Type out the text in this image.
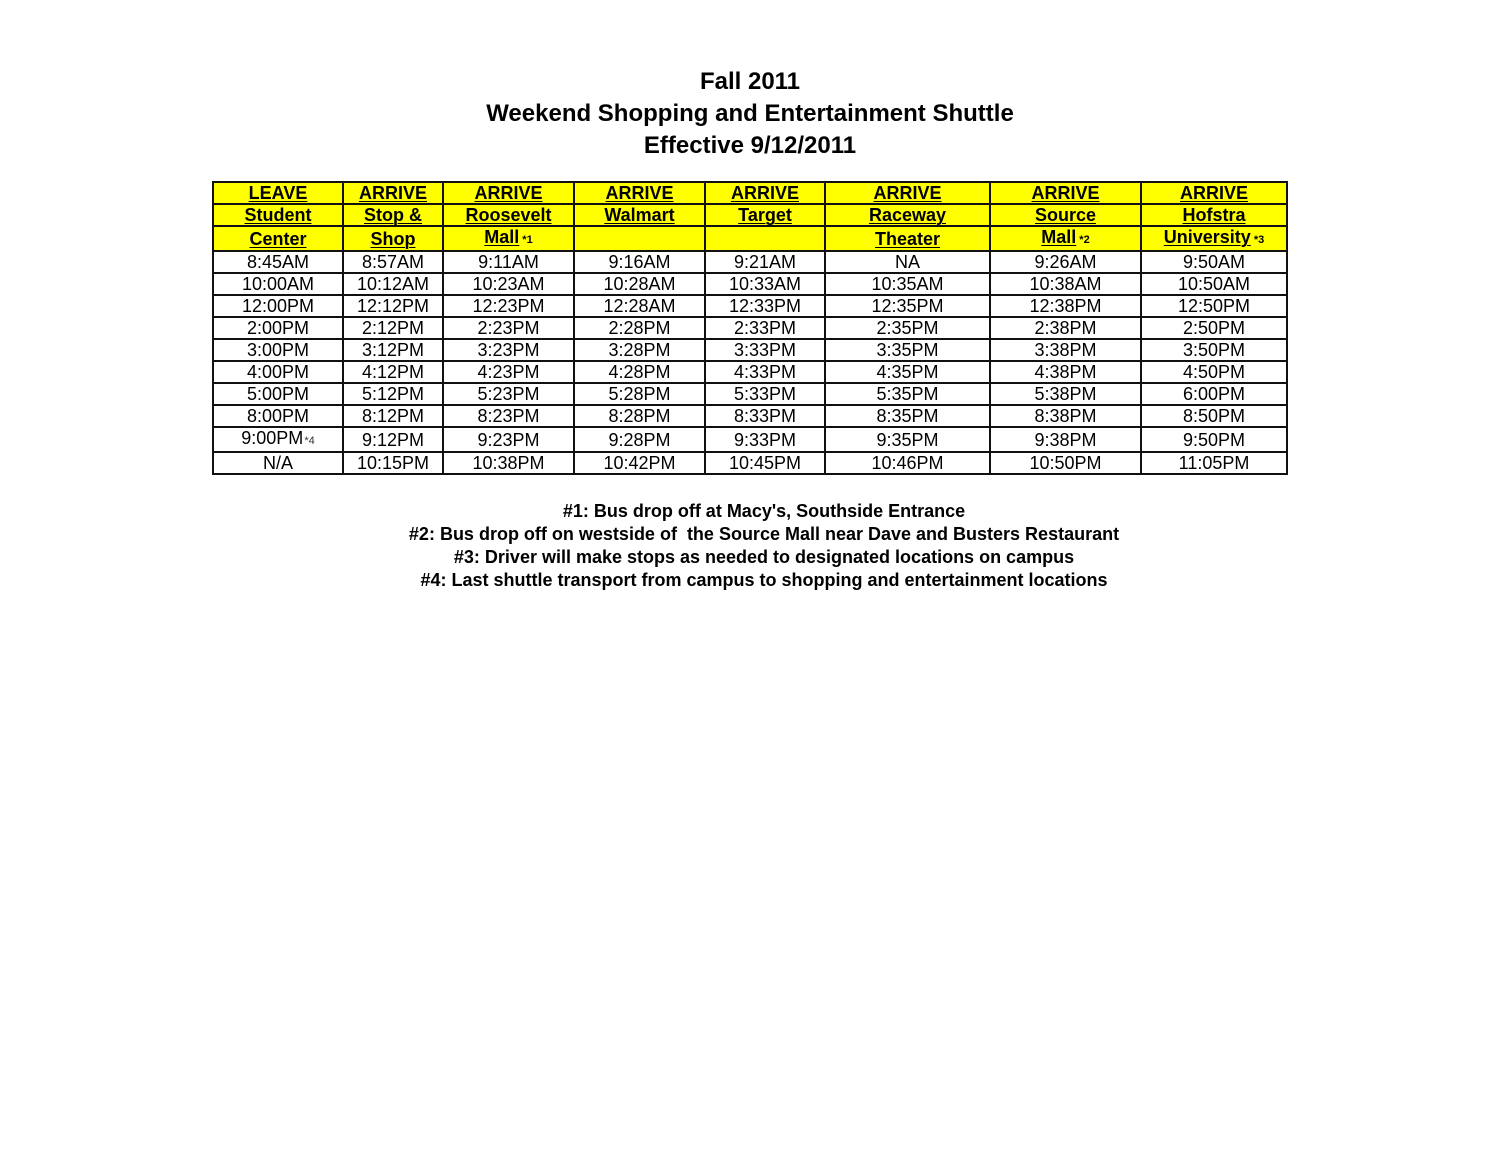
Fall 2011
Weekend Shopping and Entertainment Shuttle
Effective 9/12/2011
LEAVE	ARRIVE	ARRIVE	ARRIVE	ARRIVE	ARRIVE	ARRIVE	ARRIVE
Student	Stop &	Roosevelt	Walmart	Target	Raceway	Source	Hofstra
Center	Shop	Mall *1			Theater	Mall *2	University *3
8:45AM	8:57AM	9:11AM	9:16AM	9:21AM	NA	9:26AM	9:50AM
10:00AM	10:12AM	10:23AM	10:28AM	10:33AM	10:35AM	10:38AM	10:50AM
12:00PM	12:12PM	12:23PM	12:28AM	12:33PM	12:35PM	12:38PM	12:50PM
2:00PM	2:12PM	2:23PM	2:28PM	2:33PM	2:35PM	2:38PM	2:50PM
3:00PM	3:12PM	3:23PM	3:28PM	3:33PM	3:35PM	3:38PM	3:50PM
4:00PM	4:12PM	4:23PM	4:28PM	4:33PM	4:35PM	4:38PM	4:50PM
5:00PM	5:12PM	5:23PM	5:28PM	5:33PM	5:35PM	5:38PM	6:00PM
8:00PM	8:12PM	8:23PM	8:28PM	8:33PM	8:35PM	8:38PM	8:50PM
9:00PM*4	9:12PM	9:23PM	9:28PM	9:33PM	9:35PM	9:38PM	9:50PM
N/A	10:15PM	10:38PM	10:42PM	10:45PM	10:46PM	10:50PM	11:05PM
#1: Bus drop off at Macy's, Southside Entrance
#2: Bus drop off on westside of  the Source Mall near Dave and Busters Restaurant
#3: Driver will make stops as needed to designated locations on campus
#4: Last shuttle transport from campus to shopping and entertainment locations
